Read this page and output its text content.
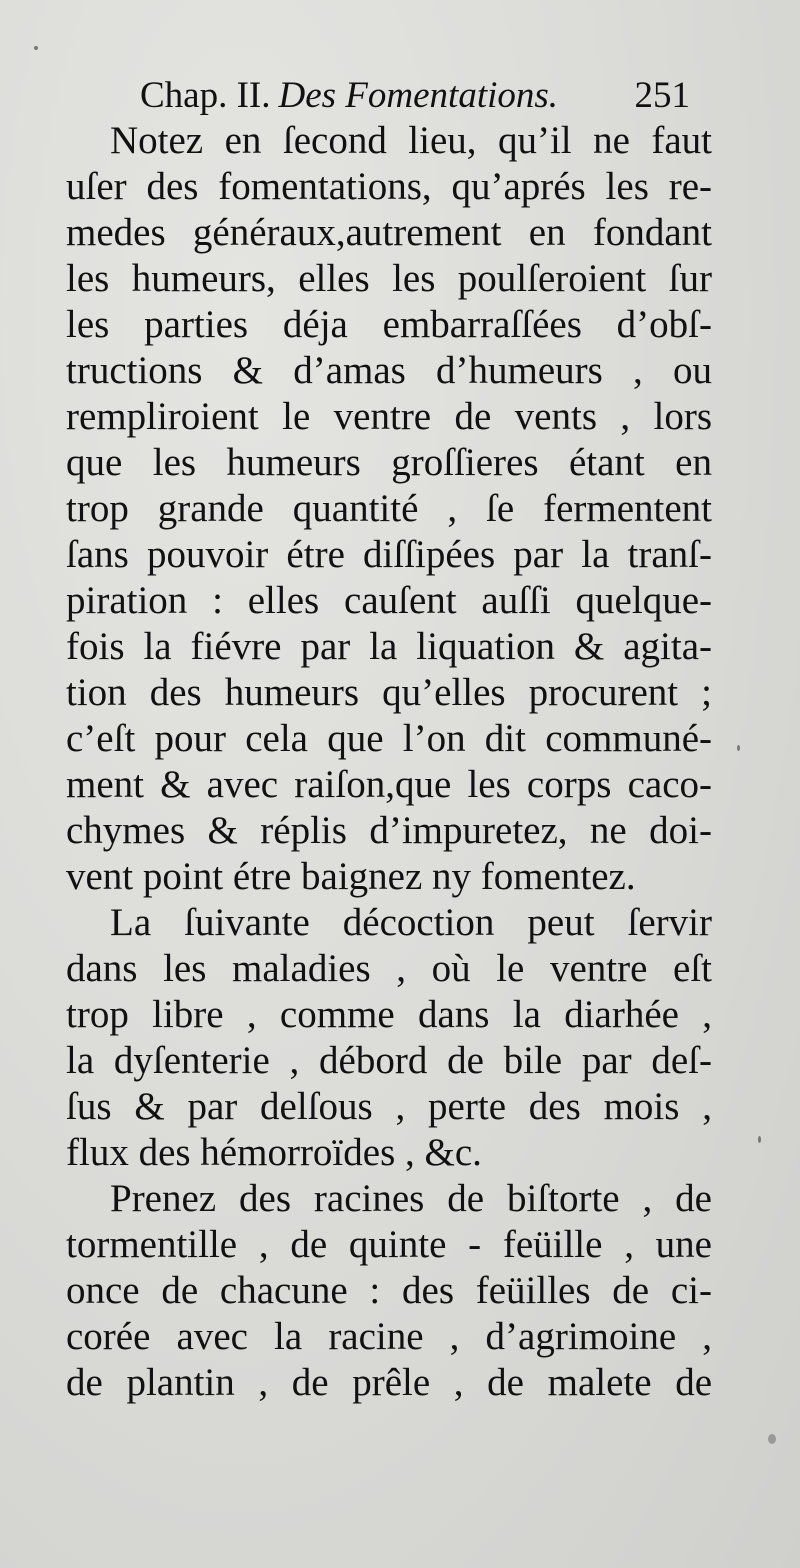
Chap. II. Des Fomentations. 251
Notez en ſecond lieu, qu’il ne faut
uſer des fomentations, qu’aprés les re-
medes généraux,autrement en fondant
les humeurs, elles les poulſeroient ſur
les parties déja embarraſſées d’obſ-
tructions & d’amas d’humeurs , ou
rempliroient le ventre de vents , lors
que les humeurs groſſieres étant en
trop grande quantité , ſe fermentent
ſans pouvoir étre diſſipées par la tranſ-
piration : elles cauſent auſſi quelque-
fois la fiévre par la liquation & agita-
tion des humeurs qu’elles procurent ;
c’eſt pour cela que l’on dit communé-
ment & avec raiſon,que les corps caco-
chymes & réplis d’impuretez, ne doi-
vent point étre baignez ny fomentez.
La ſuivante décoction peut ſervir
dans les maladies , où le ventre eſt
trop libre , comme dans la diarhée ,
la dyſenterie , débord de bile par deſ-
ſus & par delſous , perte des mois ,
flux des hémorroïdes , &c.
Prenez des racines de biſtorte , de
tormentille , de quinte - feüille , une
once de chacune : des feüilles de ci-
corée avec la racine , d’agrimoine ,
de plantin , de prêle , de malete de
